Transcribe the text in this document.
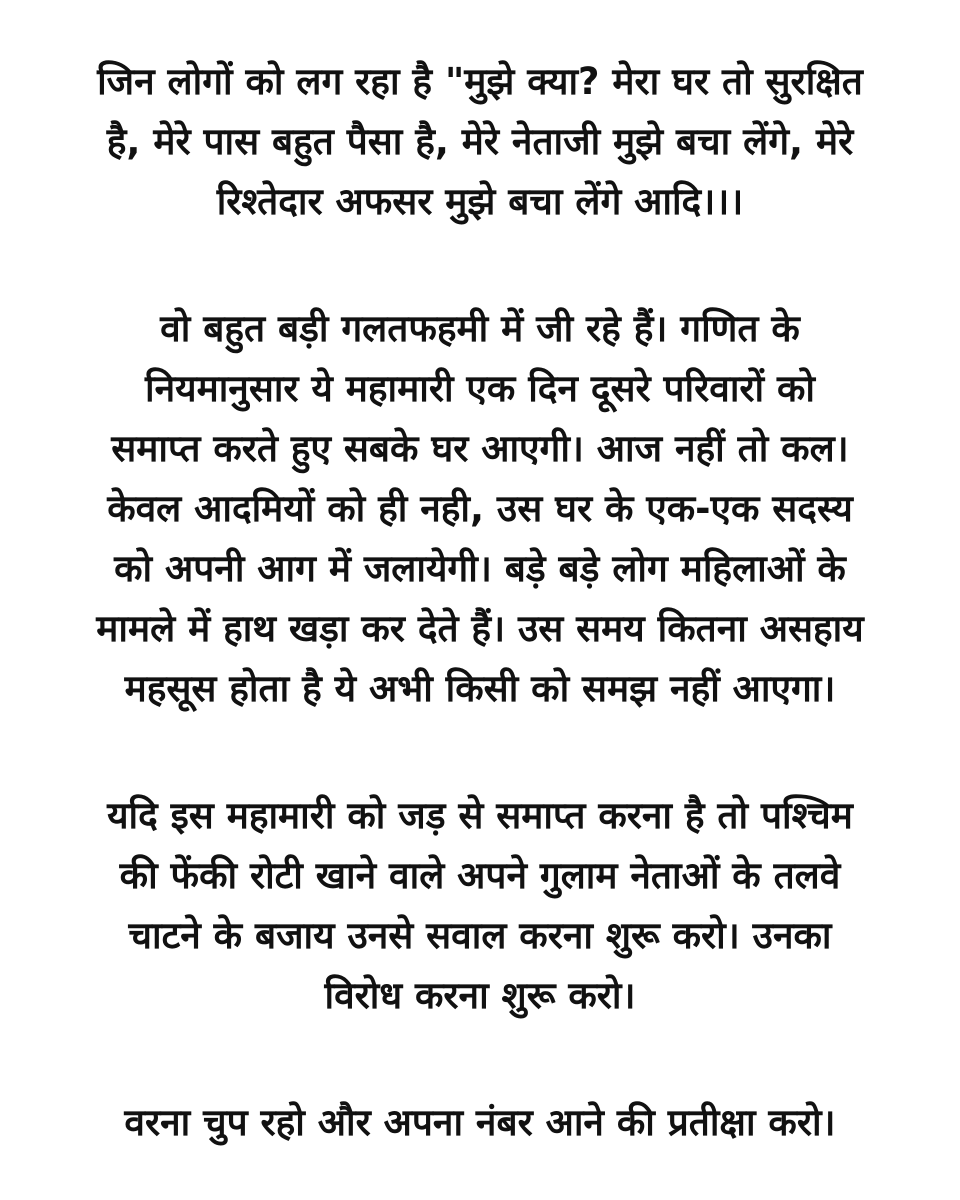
जिन लोगों को लग रहा है "मुझे क्या? मेरा घर तो सुरक्षित
है, मेरे पास बहुत पैसा है, मेरे नेताजी मुझे बचा लेंगे, मेरे
रिश्तेदार अफसर मुझे बचा लेंगे आदि।।।
वो बहुत बड़ी गलतफहमी में जी रहे हैं। गणित के
नियमानुसार ये महामारी एक दिन दूसरे परिवारों को
समाप्त करते हुए सबके घर आएगी। आज नहीं तो कल।
केवल आदमियों को ही नही, उस घर के एक-एक सदस्य
को अपनी आग में जलायेगी। बड़े बड़े लोग महिलाओं के
मामले में हाथ खड़ा कर देते हैं। उस समय कितना असहाय
महसूस होता है ये अभी किसी को समझ नहीं आएगा।
यदि इस महामारी को जड़ से समाप्त करना है तो पश्चिम
की फेंकी रोटी खाने वाले अपने गुलाम नेताओं के तलवे
चाटने के बजाय उनसे सवाल करना शुरू करो। उनका
विरोध करना शुरू करो।
वरना चुप रहो और अपना नंबर आने की प्रतीक्षा करो।
